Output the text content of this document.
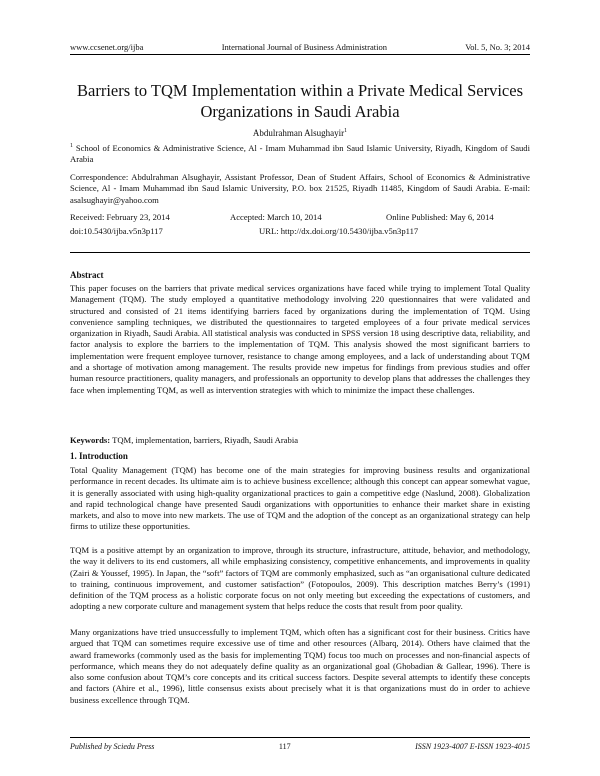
www.ccsenet.org/ijba	International Journal of Business Administration	Vol. 5, No. 3; 2014
Barriers to TQM Implementation within a Private Medical Services
Organizations in Saudi Arabia
Abdulrahman Alsughayir$^1$
$^1$ School of Economics & Administrative Science, Al - Imam Muhammad ibn Saud Islamic University, Riyadh, Kingdom of Saudi Arabia
Correspondence: Abdulrahman Alsughayir, Assistant Professor, Dean of Student Affairs, School of Economics & Administrative Science, Al - Imam Muhammad ibn Saud Islamic University, P.O. box 21525, Riyadh 11485, Kingdom of Saudi Arabia. E-mail: asalsughayir@yahoo.com
Received: February 23, 2014	Accepted: March 10, 2014	Online Published: May 6, 2014
doi:10.5430/ijba.v5n3p117	URL: http://dx.doi.org/10.5430/ijba.v5n3p117
Abstract
This paper focuses on the barriers that private medical services organizations have faced while trying to implement Total Quality Management (TQM). The study employed a quantitative methodology involving 220 questionnaires that were validated and structured and consisted of 21 items identifying barriers faced by organizations during the implementation of TQM. Using convenience sampling techniques, we distributed the questionnaires to targeted employees of a four private medical services organization in Riyadh, Saudi Arabia. All statistical analysis was conducted in SPSS version 18 using descriptive data, reliability, and factor analysis to explore the barriers to the implementation of TQM. This analysis showed the most significant barriers to implementation were frequent employee turnover, resistance to change among employees, and a lack of understanding about TQM and a shortage of motivation among management. The results provide new impetus for findings from previous studies and offer human resource practitioners, quality managers, and professionals an opportunity to develop plans that addresses the challenges they face when implementing TQM, as well as intervention strategies with which to minimize the impact these challenges.
Keywords: TQM, implementation, barriers, Riyadh, Saudi Arabia
1. Introduction
Total Quality Management (TQM) has become one of the main strategies for improving business results and organizational performance in recent decades. Its ultimate aim is to achieve business excellence; although this concept can appear somewhat vague, it is generally associated with using high-quality organizational practices to gain a competitive edge (Naslund, 2008). Globalization and rapid technological change have presented Saudi organizations with opportunities to enhance their market share in existing markets, and also to move into new markets. The use of TQM and the adoption of the concept as an organizational strategy can help firms to utilize these opportunities.
TQM is a positive attempt by an organization to improve, through its structure, infrastructure, attitude, behavior, and methodology, the way it delivers to its end customers, all while emphasizing consistency, competitive enhancements, and improvements in quality (Zairi & Youssef, 1995). In Japan, the “soft” factors of TQM are commonly emphasized, such as “an organisational culture dedicated to training, continuous improvement, and customer satisfaction” (Fotopoulos, 2009). This description matches Berry’s (1991) definition of the TQM process as a holistic corporate focus on not only meeting but exceeding the expectations of customers, and adopting a new corporate culture and management system that helps reduce the costs that result from poor quality.
Many organizations have tried unsuccessfully to implement TQM, which often has a significant cost for their business. Critics have argued that TQM can sometimes require excessive use of time and other resources (Albarq, 2014). Others have claimed that the award frameworks (commonly used as the basis for implementing TQM) focus too much on processes and non-financial aspects of performance, which means they do not adequately define quality as an organizational goal (Ghobadian & Gallear, 1996). There is also some confusion about TQM’s core concepts and its critical success factors. Despite several attempts to identify these concepts and factors (Ahire et al., 1996), little consensus exists about precisely what it is that organizations must do in order to achieve business excellence through TQM.
Published by Sciedu Press	117	ISSN 1923-4007 E-ISSN 1923-4015
